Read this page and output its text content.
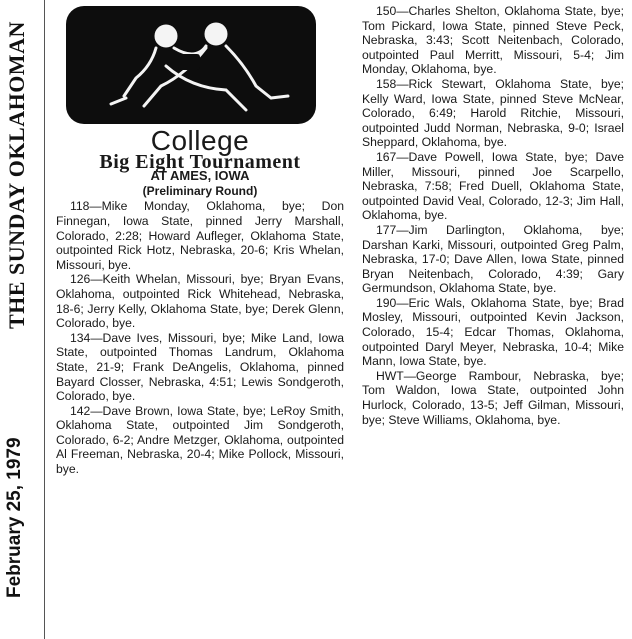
THE SUNDAY OKLAHOMAN
February 25, 1979
College
Big Eight Tournament
AT AMES, IOWA
(Preliminary Round)

118—Mike Monday, Oklahoma, bye; Don Finnegan, Iowa State, pinned Jerry Marshall, Colorado, 2:28; Howard Aufleger, Oklahoma State, outpointed Rick Hotz, Nebraska, 20-6; Kris Whelan, Missouri, bye.

126—Keith Whelan, Missouri, bye; Bryan Evans, Oklahoma, outpointed Rick Whitehead, Nebraska, 18-6; Jerry Kelly, Oklahoma State, bye; Derek Glenn, Colorado, bye.

134—Dave Ives, Missouri, bye; Mike Land, Iowa State, outpointed Thomas Landrum, Oklahoma State, 21-9; Frank DeAngelis, Oklahoma, pinned Bayard Closser, Nebraska, 4:51; Lewis Sondgeroth, Colorado, bye.

142—Dave Brown, Iowa State, bye; LeRoy Smith, Oklahoma State, outpointed Jim Sondgeroth, Colorado, 6-2; Andre Metzger, Oklahoma, outpointed Al Freeman, Nebraska, 20-4; Mike Pollock, Missouri, bye.

150—Charles Shelton, Oklahoma State, bye; Tom Pickard, Iowa State, pinned Steve Peck, Nebraska, 3:43; Scott Neitenbach, Colorado, outpointed Paul Merritt, Missouri, 5-4; Jim Monday, Oklahoma, bye.

158—Rick Stewart, Oklahoma State, bye; Kelly Ward, Iowa State, pinned Steve McNear, Colorado, 6:49; Harold Ritchie, Missouri, outpointed Judd Norman, Nebraska, 9-0; Israel Sheppard, Oklahoma, bye.

167—Dave Powell, Iowa State, bye; Dave Miller, Missouri, pinned Joe Scarpello, Nebraska, 7:58; Fred Duell, Oklahoma State, outpointed David Veal, Colorado, 12-3; Jim Hall, Oklahoma, bye.

177—Jim Darlington, Oklahoma, bye; Darshan Karki, Missouri, outpointed Greg Palm, Nebraska, 17-0; Dave Allen, Iowa State, pinned Bryan Neitenbach, Colorado, 4:39; Gary Germundson, Oklahoma State, bye.

190—Eric Wals, Oklahoma State, bye; Brad Mosley, Missouri, outpointed Kevin Jackson, Colorado, 15-4; Edcar Thomas, Oklahoma, outpointed Daryl Meyer, Nebraska, 10-4; Mike Mann, Iowa State, bye.

HWT—George Rambour, Nebraska, bye; Tom Waldon, Iowa State, outpointed John Hurlock, Colorado, 13-5; Jeff Gilman, Missouri, bye; Steve Williams, Oklahoma, bye.
